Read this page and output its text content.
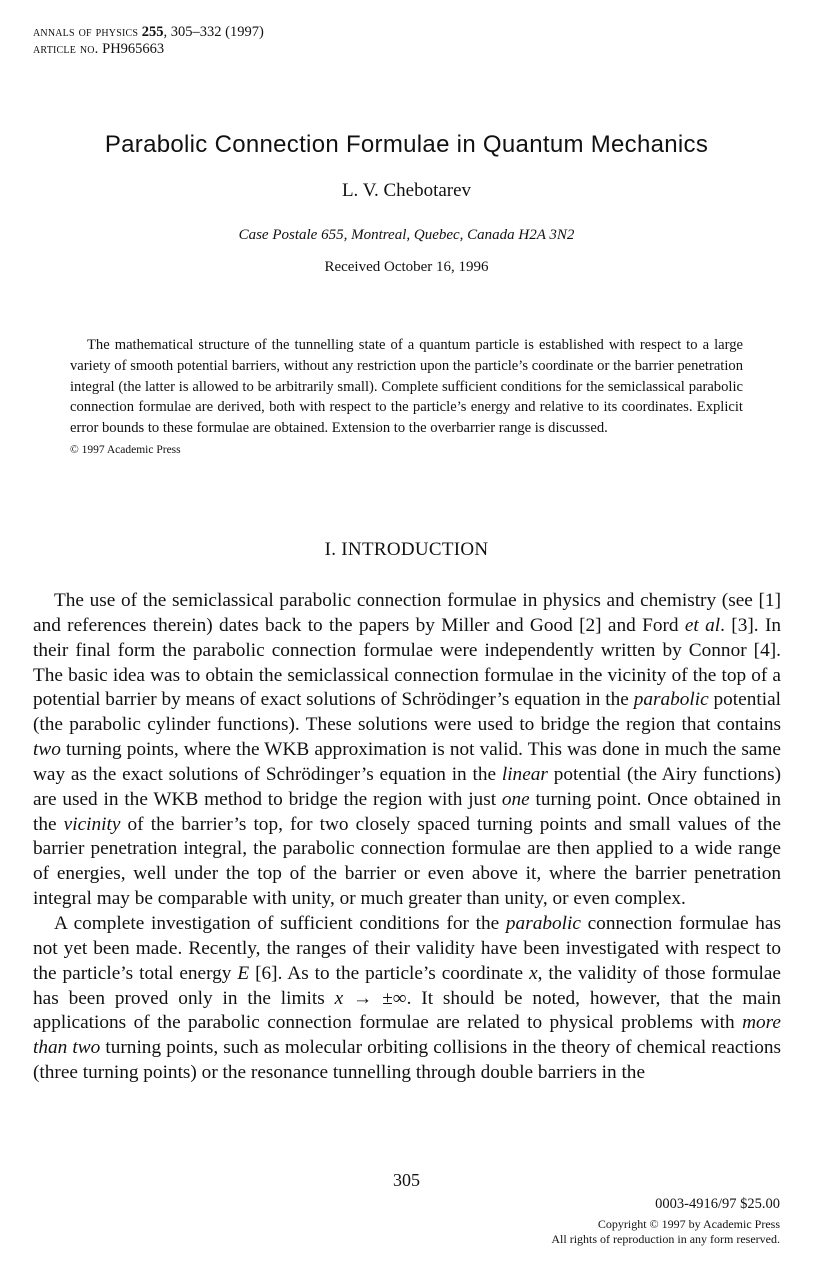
annals of physics 255, 305–332 (1997)
article no. PH965663
Parabolic Connection Formulae in Quantum Mechanics
L. V. Chebotarev
Case Postale 655, Montreal, Quebec, Canada H2A 3N2
Received October 16, 1996

The mathematical structure of the tunnelling state of a quantum particle is established with respect to a large variety of smooth potential barriers, without any restriction upon the particle’s coordinate or the barrier penetration integral (the latter is allowed to be arbitrarily small). Complete sufficient conditions for the semiclassical parabolic connection formulae are derived, both with respect to the particle’s energy and relative to its coordinates. Explicit error bounds to these formulae are obtained. Extension to the overbarrier range is discussed.
© 1997 Academic Press

I. INTRODUCTION

The use of the semiclassical parabolic connection formulae in physics and chemistry (see [1] and references therein) dates back to the papers by Miller and Good [2] and Ford et al. [3]. In their final form the parabolic connection formulae were independently written by Connor [4]. The basic idea was to obtain the semiclassical connection formulae in the vicinity of the top of a potential barrier by means of exact solutions of Schrödinger’s equation in the parabolic potential (the parabolic cylinder functions). These solutions were used to bridge the region that contains two turning points, where the WKB approximation is not valid. This was done in much the same way as the exact solutions of Schrödinger’s equation in the linear potential (the Airy functions) are used in the WKB method to bridge the region with just one turning point. Once obtained in the vicinity of the barrier’s top, for two closely spaced turning points and small values of the barrier penetration integral, the parabolic connection formulae are then applied to a wide range of energies, well under the top of the barrier or even above it, where the barrier penetration integral may be comparable with unity, or much greater than unity, or even complex.

A complete investigation of sufficient conditions for the parabolic connection formulae has not yet been made. Recently, the ranges of their validity have been investigated with respect to the particle’s total energy E [6]. As to the particle’s coordinate x, the validity of those formulae has been proved only in the limits x → ±∞. It should be noted, however, that the main applications of the parabolic connection formulae are related to physical problems with more than two turning points, such as molecular orbiting collisions in the theory of chemical reactions (three turning points) or the resonance tunnelling through double barriers in the

305
0003-4916/97 $25.00
Copyright © 1997 by Academic Press
All rights of reproduction in any form reserved.
